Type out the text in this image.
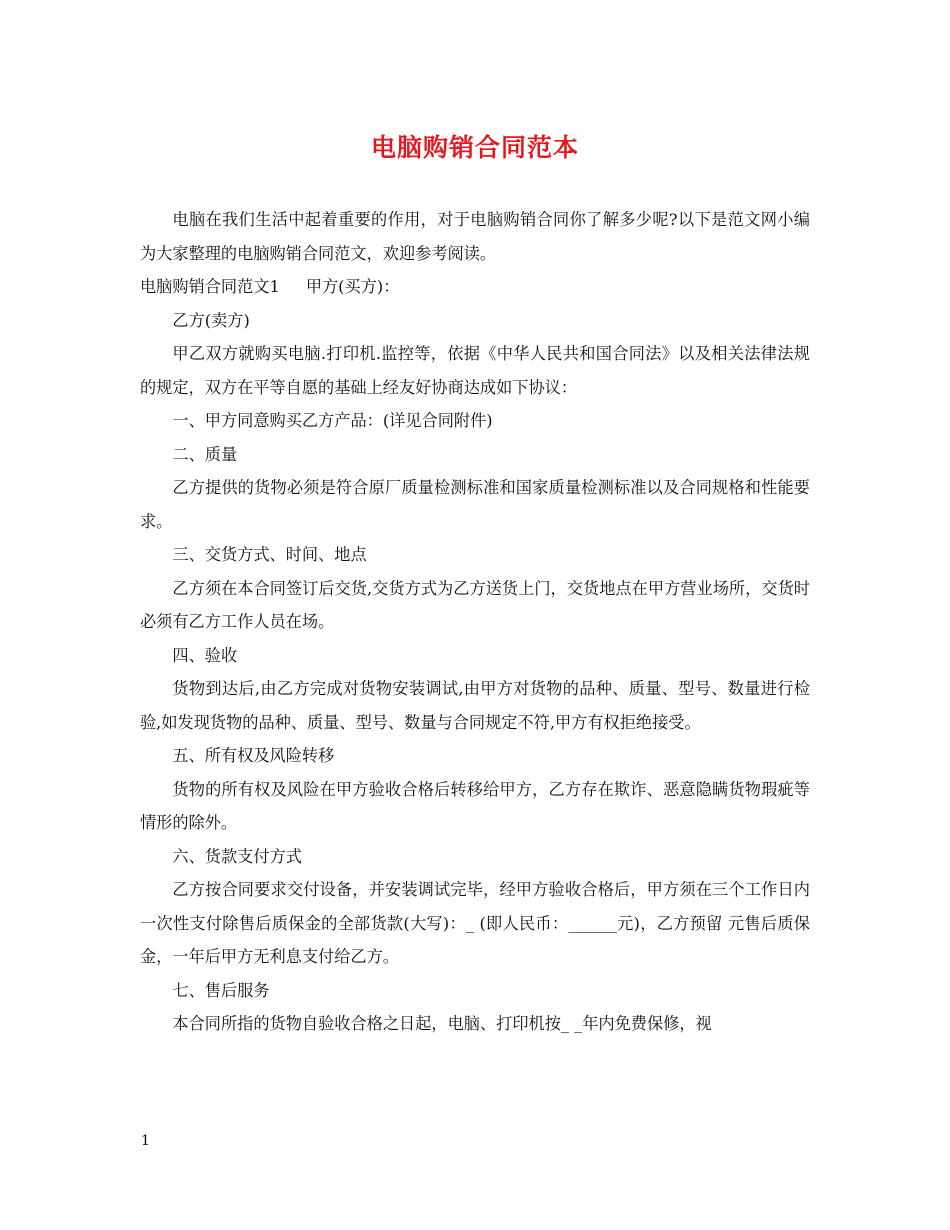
电脑购销合同范本

电脑在我们生活中起着重要的作用，对于电脑购销合同你了解多少呢?以下是范文网小编为大家整理的电脑购销合同范文，欢迎参考阅读。

电脑购销合同范文1 甲方(买方)：

乙方(卖方)

甲乙双方就购买电脑.打印机.监控等，依据《中华人民共和国合同法》以及相关法律法规的规定，双方在平等自愿的基础上经友好协商达成如下协议：

一、甲方同意购买乙方产品：(详见合同附件)

二、质量

乙方提供的货物必须是符合原厂质量检测标准和国家质量检测标准以及合同规格和性能要求。

三、交货方式、时间、地点

乙方须在本合同签订后交货,交货方式为乙方送货上门，交货地点在甲方营业场所，交货时必须有乙方工作人员在场。

四、验收

货物到达后,由乙方完成对货物安装调试,由甲方对货物的品种、质量、型号、数量进行检验,如发现货物的品种、质量、型号、数量与合同规定不符,甲方有权拒绝接受。

五、所有权及风险转移

货物的所有权及风险在甲方验收合格后转移给甲方，乙方存在欺诈、恶意隐瞒货物瑕疵等情形的除外。

六、货款支付方式

乙方按合同要求交付设备，并安装调试完毕，经甲方验收合格后，甲方须在三个工作日内一次性支付除售后质保金的全部货款(大写)：_ (即人民币：______元)，乙方预留 元售后质保金，一年后甲方无利息支付给乙方。

七、售后服务

本合同所指的货物自验收合格之日起，电脑、打印机按_ _年内免费保修，视

1
